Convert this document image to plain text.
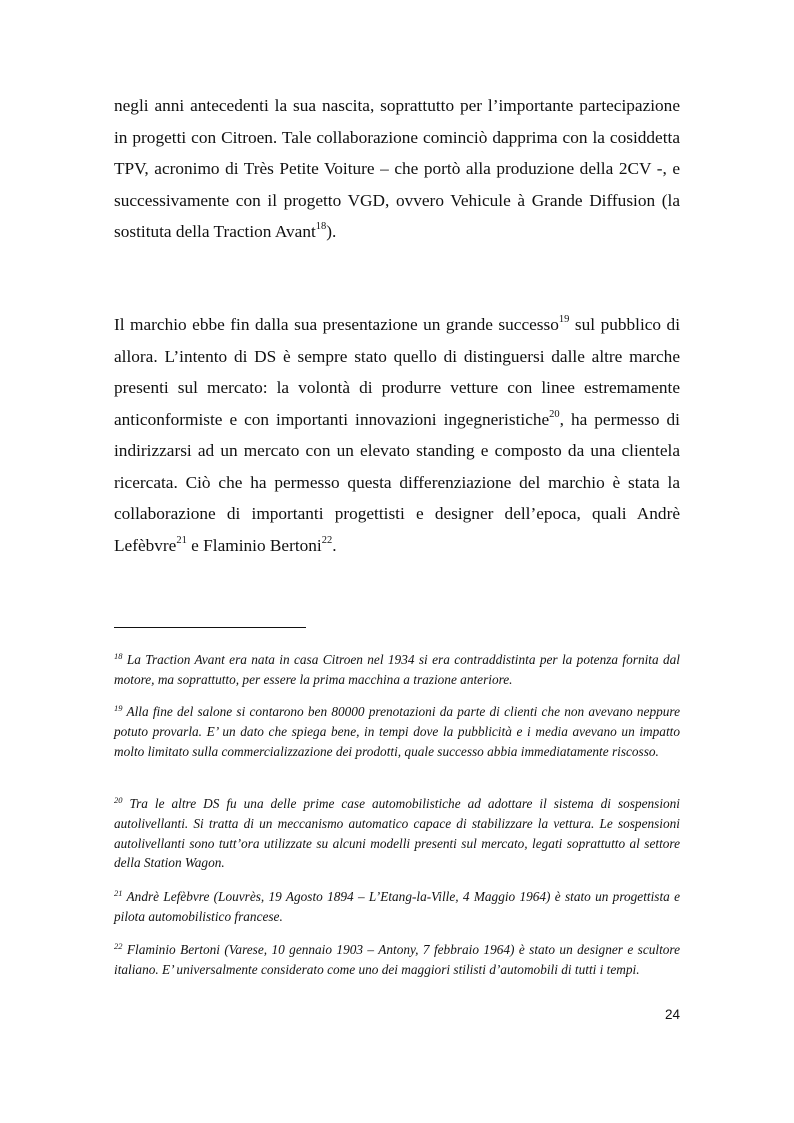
negli anni antecedenti la sua nascita, soprattutto per l’importante partecipazione in progetti con Citroen. Tale collaborazione cominciò dapprima con la cosiddetta TPV, acronimo di Très Petite Voiture – che portò alla produzione della 2CV -, e successivamente con il progetto VGD, ovvero Vehicule à Grande Diffusion (la sostituta della Traction Avant$^{18}$).

Il marchio ebbe fin dalla sua presentazione un grande successo$^{19}$ sul pubblico di allora. L’intento di DS è sempre stato quello di distinguersi dalle altre marche presenti sul mercato: la volontà di produrre vetture con linee estremamente anticonformiste e con importanti innovazioni ingegneristiche$^{20}$, ha permesso di indirizzarsi ad un mercato con un elevato standing e composto da una clientela ricercata. Ciò che ha permesso questa differenziazione del marchio è stata la collaborazione di importanti progettisti e designer dell’epoca, quali Andrè Lefèbvre$^{21}$ e Flaminio Bertoni$^{22}$.

$^{18}$ La Traction Avant era nata in casa Citroen nel 1934 si era contraddistinta per la potenza fornita dal motore, ma soprattutto, per essere la prima macchina a trazione anteriore.

$^{19}$ Alla fine del salone si contarono ben 80000 prenotazioni da parte di clienti che non avevano neppure potuto provarla. E’ un dato che spiega bene, in tempi dove la pubblicità e i media avevano un impatto molto limitato sulla commercializzazione dei prodotti, quale successo abbia immediatamente riscosso.

$^{20}$ Tra le altre DS fu una delle prime case automobilistiche ad adottare il sistema di sospensioni autolivellanti. Si tratta di un meccanismo automatico capace di stabilizzare la vettura. Le sospensioni autolivellanti sono tutt’ora utilizzate su alcuni modelli presenti sul mercato, legati soprattutto al settore della Station Wagon.

$^{21}$ Andrè Lefèbvre (Louvrès, 19 Agosto 1894 – L’Etang-la-Ville, 4 Maggio 1964) è stato un progettista e pilota automobilistico francese.

$^{22}$ Flaminio Bertoni (Varese, 10 gennaio 1903 – Antony, 7 febbraio 1964) è stato un designer e scultore italiano. E’ universalmente considerato come uno dei maggiori stilisti d’automobili di tutti i tempi.

24
